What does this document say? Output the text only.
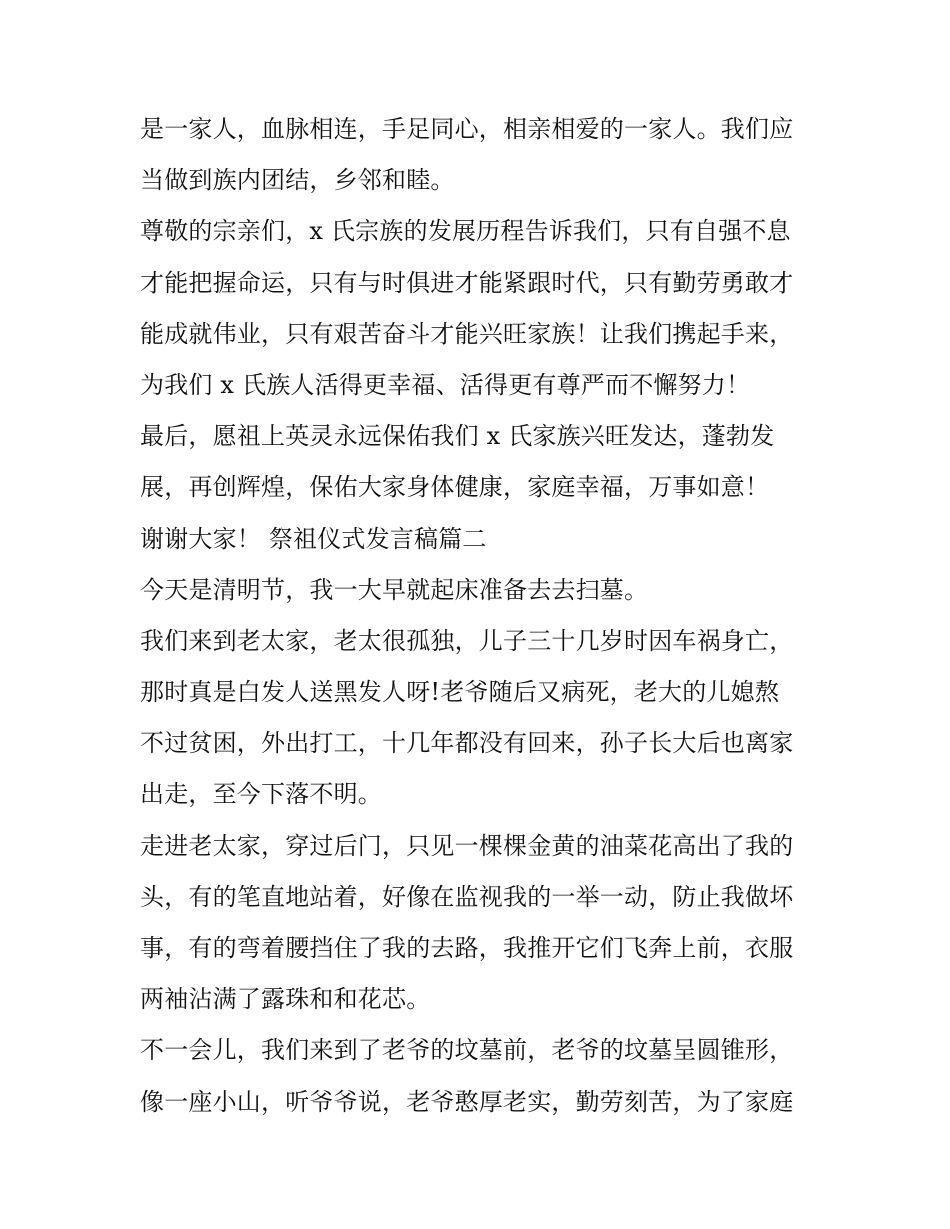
是一家人，血脉相连，手足同心，相亲相爱的一家人。我们应
当做到族内团结，乡邻和睦。
尊敬的宗亲们，x 氏宗族的发展历程告诉我们，只有自强不息
才能把握命运，只有与时俱进才能紧跟时代，只有勤劳勇敢才
能成就伟业，只有艰苦奋斗才能兴旺家族！让我们携起手来，
为我们 x 氏族人活得更幸福、活得更有尊严而不懈努力！
最后，愿祖上英灵永远保佑我们 x 氏家族兴旺发达，蓬勃发
展，再创辉煌，保佑大家身体健康，家庭幸福，万事如意！
谢谢大家！ 祭祖仪式发言稿篇二
今天是清明节，我一大早就起床准备去去扫墓。
我们来到老太家，老太很孤独，儿子三十几岁时因车祸身亡，
那时真是白发人送黑发人呀!老爷随后又病死，老大的儿媳熬
不过贫困，外出打工，十几年都没有回来，孙子长大后也离家
出走，至今下落不明。
走进老太家，穿过后门，只见一棵棵金黄的油菜花高出了我的
头，有的笔直地站着，好像在监视我的一举一动，防止我做坏
事，有的弯着腰挡住了我的去路，我推开它们飞奔上前，衣服
两袖沾满了露珠和和花芯。
不一会儿，我们来到了老爷的坟墓前，老爷的坟墓呈圆锥形，
像一座小山，听爷爷说，老爷憨厚老实，勤劳刻苦，为了家庭
